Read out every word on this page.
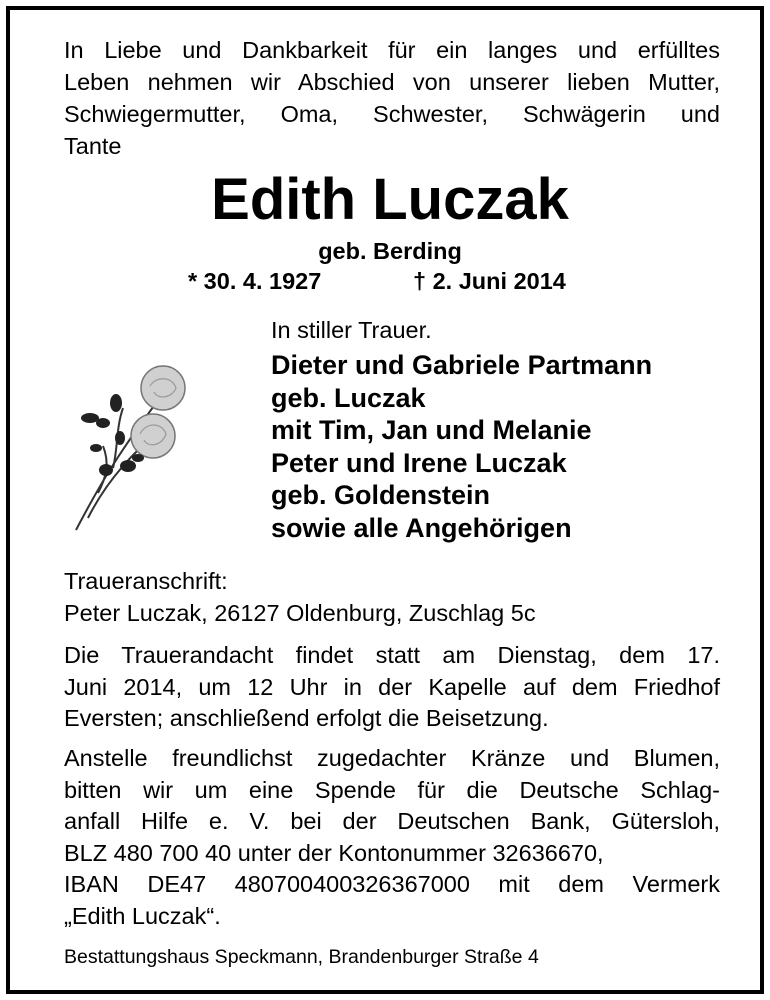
In Liebe und Dankbarkeit für ein langes und erfülltes
Leben nehmen wir Abschied von unserer lieben Mutter,
Schwiegermutter, Oma, Schwester, Schwägerin und
Tante
Edith Luczak
geb. Berding
* 30. 4. 1927	† 2. Juni 2014
In stiller Trauer.
Dieter und Gabriele Partmann
geb. Luczak
mit Tim, Jan und Melanie
Peter und Irene Luczak
geb. Goldenstein
sowie alle Angehörigen
Traueranschrift:
Peter Luczak, 26127 Oldenburg, Zuschlag 5c
Die Trauerandacht findet statt am Dienstag, dem 17.
Juni 2014, um 12 Uhr in der Kapelle auf dem Friedhof
Eversten; anschließend erfolgt die Beisetzung.
Anstelle freundlichst zugedachter Kränze und Blumen,
bitten wir um eine Spende für die Deutsche Schlag-
anfall Hilfe e. V. bei der Deutschen Bank, Gütersloh,
BLZ 480 700 40 unter der Kontonummer 32636670,
IBAN DE47 480700400326367000 mit dem Vermerk
„Edith Luczak“.
Bestattungshaus Speckmann, Brandenburger Straße 4
